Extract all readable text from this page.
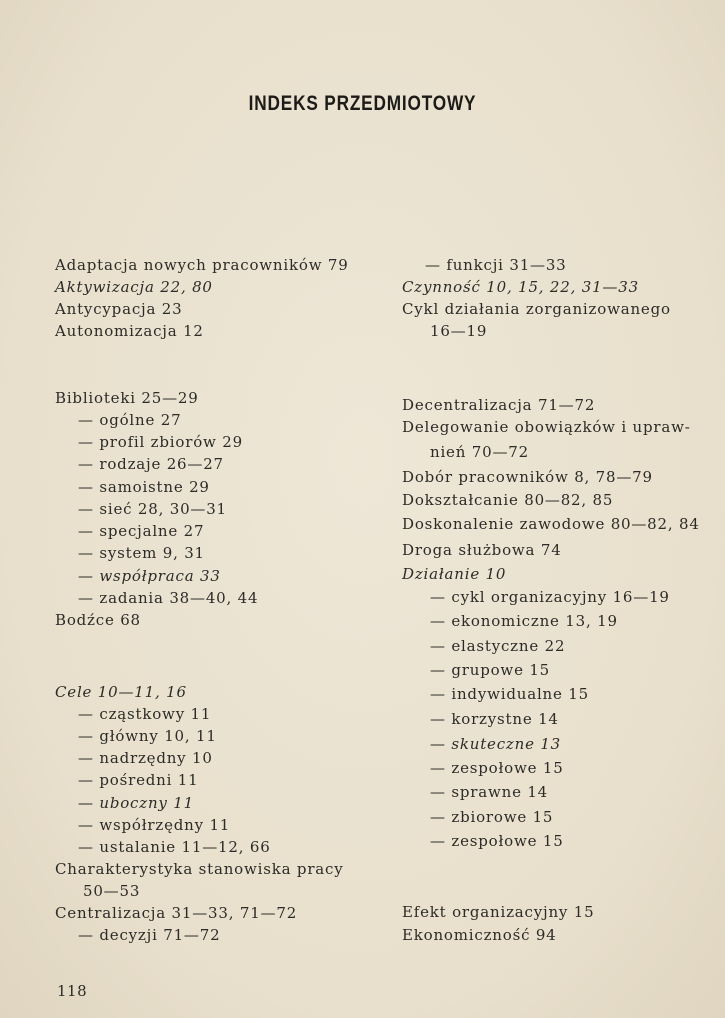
INDEKS PRZEDMIOTOWY
Adaptacja nowych pracowników 79
Aktywizacja 22, 80
Antycypacja 23
Autonomizacja 12
Biblioteki 25—29
— ogólne 27
— profil zbiorów 29
— rodzaje 26—27
— samoistne 29
— sieć 28, 30—31
— specjalne 27
— system 9, 31
— współpraca 33
— zadania 38—40, 44
Bodźce 68
Cele 10—11, 16
— cząstkowy 11
— główny 10, 11
— nadrzędny 10
— pośredni 11
— uboczny 11
— współrzędny 11
— ustalanie 11—12, 66
Charakterystyka stanowiska pracy
50—53
Centralizacja 31—33, 71—72
— decyzji 71—72
— funkcji 31—33
Czynność 10, 15, 22, 31—33
Cykl działania zorganizowanego
16—19
Decentralizacja 71—72
Delegowanie obowiązków i upraw-
nień 70—72
Dobór pracowników 8, 78—79
Dokształcanie 80—82, 85
Doskonalenie zawodowe 80—82, 84
Droga służbowa 74
Działanie 10
— cykl organizacyjny 16—19
— ekonomiczne 13, 19
— elastyczne 22
— grupowe 15
— indywidualne 15
— korzystne 14
— skuteczne 13
— zespołowe 15
— sprawne 14
— zbiorowe 15
— zespołowe 15
Efekt organizacyjny 15
Ekonomiczność 94
118
